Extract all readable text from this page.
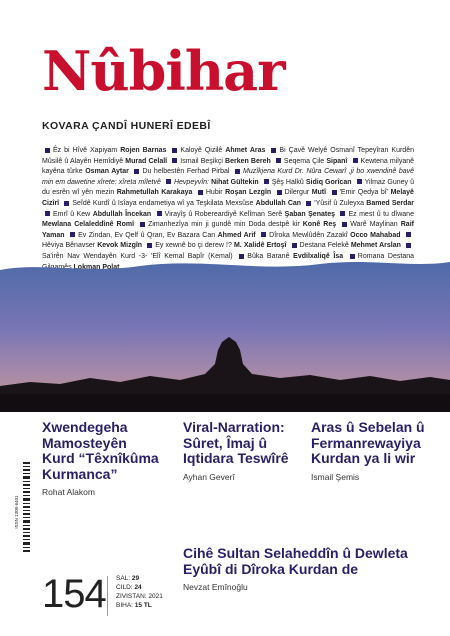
Nûbihar
KOVARA ÇANDÎ HUNERÎ EDEBÎ
Êz bi Hîvê Xapiyam Rojen Barnas Kaloyê Qizilê Ahmet Aras Bi Çavê Welyê Osmanî Tepeyîran Kurdên Mûsilê û Alayên Hemîdiyê Murad Celalî Ismail Beşikçi Berken Bereh Seqema Çile Sipanî Kewtena milyanê kayêna tûrke Osman Aytar Du helbestên Ferhad Pirbal Muzîkjena Kurd Dr. Nûra Cewarî ,ji bo xwendinê bavê min em dawetine xîrete: xîreta mîletvê Hevpeyvîn: Nihat Gültekin Şêş Halkû Sidiq Gorîcan Yilmaz Guney û du esrên wî yên mezin Rahmetullah Karakaya Hubir Roşan Lezgîn Dilergur Mutî 'Emir Qedya bî' Melayê Cizîrî Seîdê Kurdî û Isîaya endametiya wî ya Teşkilata Mexsûse Abdullah Can 'Yûsif û Zuleyxa Bamed Serdar Emrî û Kew Abdullah Încekan Virayîş û Robereardiyê Kelîman Serê Şaban Şenateş Ez mest û tu dîwane Mewlana Celaleddînê Romî Zimanhezîya min ji gundê min Doda destpê kir Konê Reş Warê Maylinan Raif Yaman Ev Zindan, Ev Qelf û Qran, Ev Bazara Can Ahmed Arif Dîroka Mewlûdên Zazakî Occo Mahabad Hêviya Bênavser Kevok Mizgîn Ey xewnê bo çi derew !? M. Xalidê Ertoşî Destana Felekê Mehmet Arslan Sa'irên Nav Wendayên Kurd -3- 'Elî Kemal Bapîr (Kemal) Bûka Baranê Evdilxaliqê Îsa Romana Destana Gilgamêş Lokman Polat
Xwendegeha Mamosteyên Kurd “Têxnîkûma Kurmanca”
Rohat Alakom
Viral-Narration: Sûret, Îmaj û Iqtidara Teswîrê
Ayhan Geverî
Aras û Sebelan û Fermanrewayiya Kurdan ya li wir
Ismail Şemis
Cihê Sultan Selaheddîn û Dewleta Eyûbî di Dîroka Kurdan de
Nevzat Emînoğlu
ISSN 1300-6401
154 SAL: 29
CILD: 24
ZIVISTAN: 2021
BIHA: 15 TL
